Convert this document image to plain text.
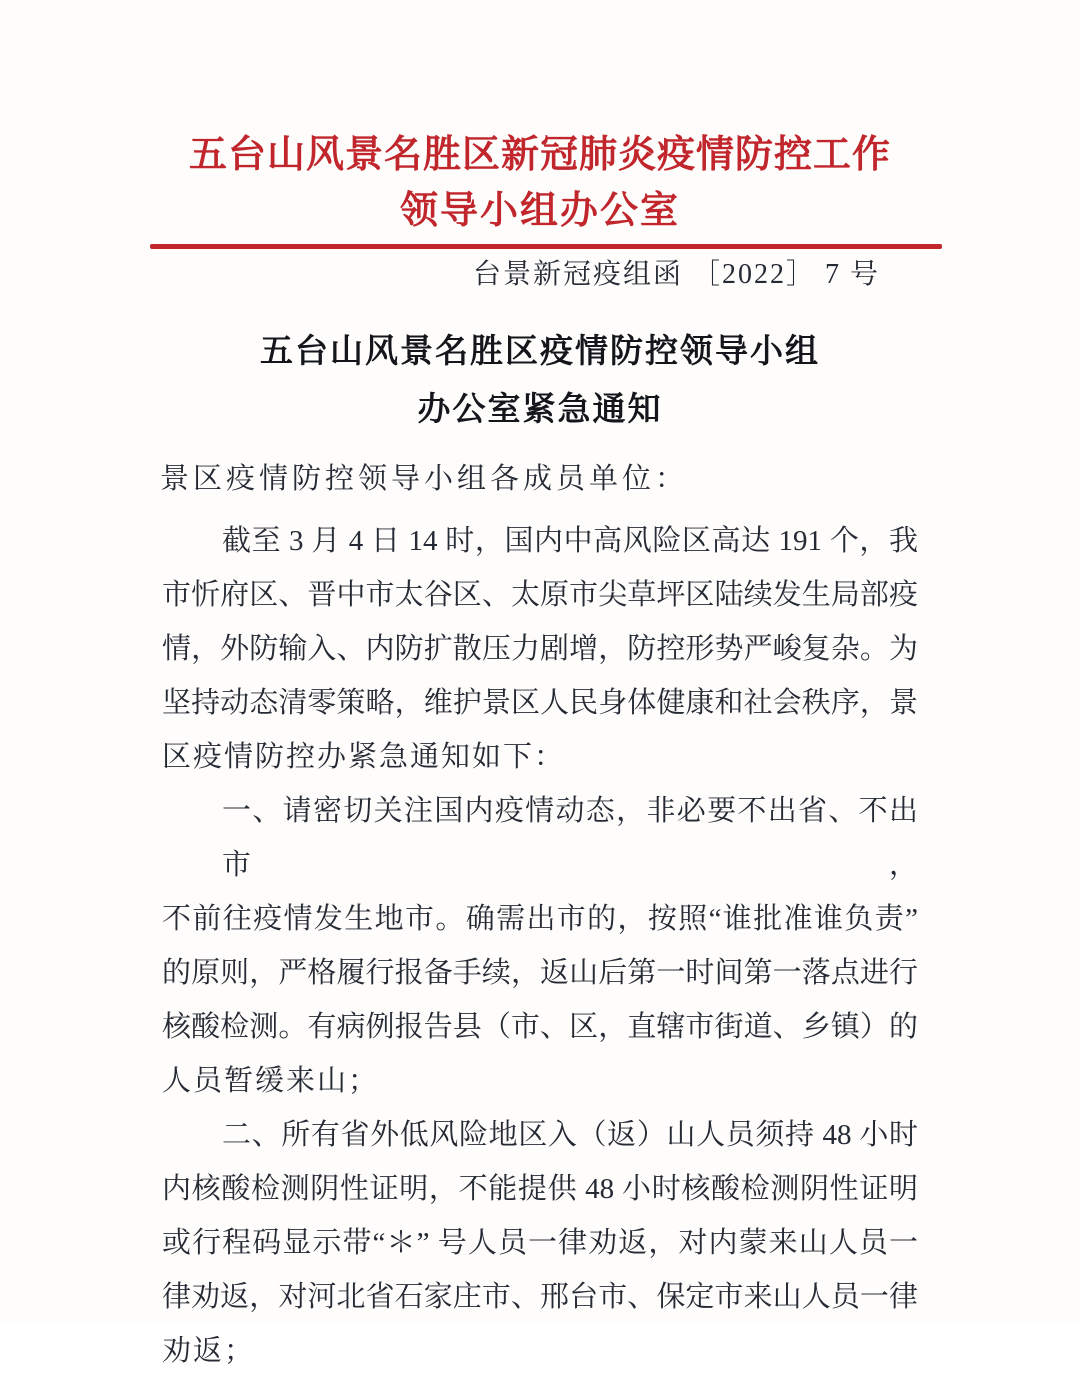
五台山风景名胜区新冠肺炎疫情防控工作
领导小组办公室
台景新冠疫组函 ［2022］ 7 号
五台山风景名胜区疫情防控领导小组
办公室紧急通知
景区疫情防控领导小组各成员单位：
截至 3 月 4 日 14 时，国内中高风险区高达 191 个，我
市忻府区、晋中市太谷区、太原市尖草坪区陆续发生局部疫
情，外防输入、内防扩散压力剧增，防控形势严峻复杂。为
坚持动态清零策略，维护景区人民身体健康和社会秩序，景
区疫情防控办紧急通知如下：
一、请密切关注国内疫情动态，非必要不出省、不出市，
不前往疫情发生地市。确需出市的，按照“谁批准谁负责”
的原则，严格履行报备手续，返山后第一时间第一落点进行
核酸检测。有病例报告县（市、区，直辖市街道、乡镇）的
人员暂缓来山；
二、所有省外低风险地区入（返）山人员须持 48 小时
内核酸检测阴性证明，不能提供 48 小时核酸检测阴性证明
或行程码显示带“＊” 号人员一律劝返，对内蒙来山人员一
律劝返，对河北省石家庄市、邢台市、保定市来山人员一律
劝返；
